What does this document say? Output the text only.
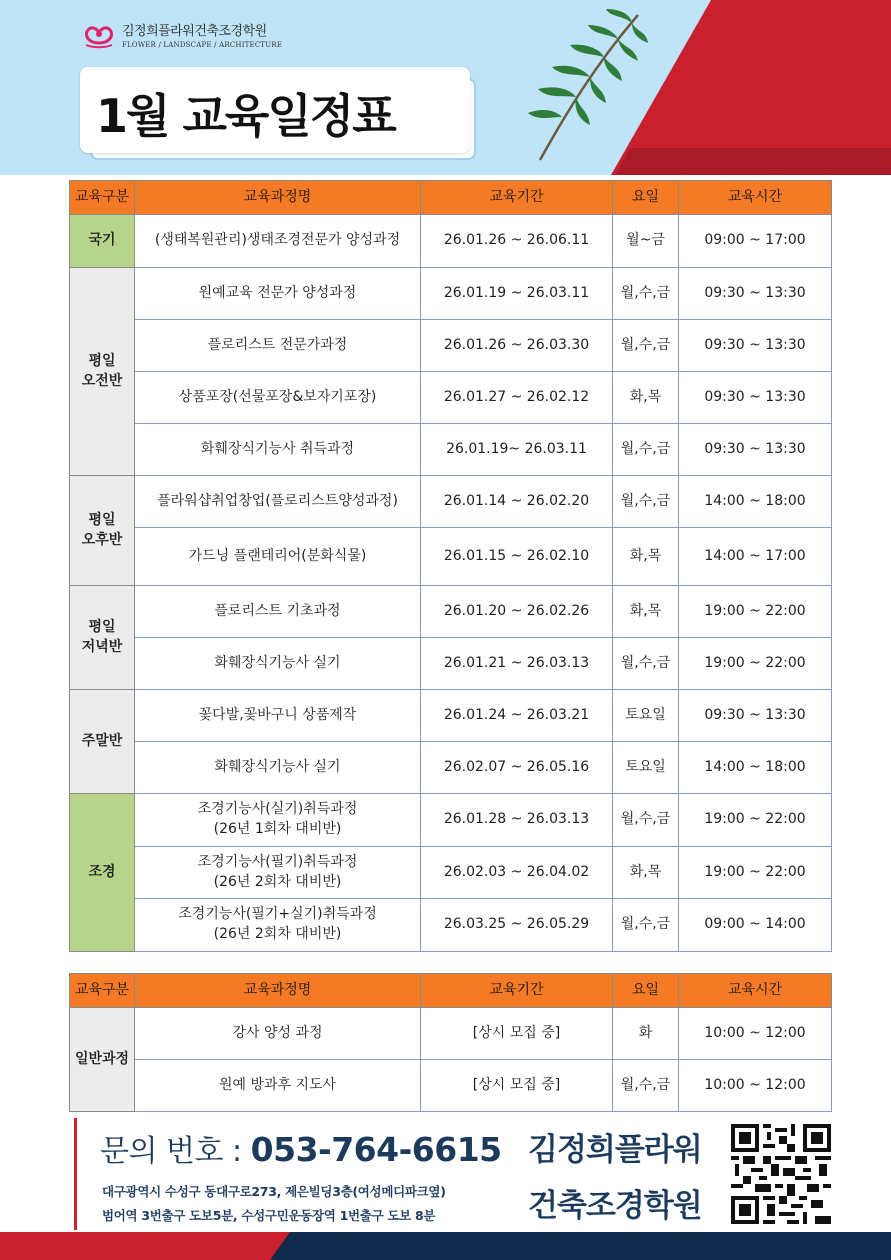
김정희플라워건축조경학원
FLOWER / LANDSCAPE / ARCHITECTURE
1월 교육일정표
교육구분	교육과정명	교육기간	요일	교육시간

국기	(생태복원관리)생태조경전문가 양성과정	26.01.26 ~ 26.06.11	월~금	09:00 ~ 17:00

평일
오전반	원예교육 전문가 양성과정	26.01.19 ~ 26.03.11	월,수,금	09:30 ~ 13:30

	플로리스트 전문가과정	26.01.26 ~ 26.03.30	월,수,금	09:30 ~ 13:30

	상품포장(선물포장&보자기포장)	26.01.27 ~ 26.02.12	화,목	09:30 ~ 13:30

	화훼장식기능사 취득과정	26.01.19~ 26.03.11	월,수,금	09:30 ~ 13:30

평일
오후반	플라워샵취업창업(플로리스트양성과정)	26.01.14 ~ 26.02.20	월,수,금	14:00 ~ 18:00

	가드닝 플랜테리어(분화식물)	26.01.15 ~ 26.02.10	화,목	14:00 ~ 17:00

평일
저녁반	플로리스트 기초과정	26.01.20 ~ 26.02.26	화,목	19:00 ~ 22:00

	화훼장식기능사 실기	26.01.21 ~ 26.03.13	월,수,금	19:00 ~ 22:00

주말반	꽃다발,꽃바구니 상품제작	26.01.24 ~ 26.03.21	토요일	09:30 ~ 13:30

	화훼장식기능사 실기	26.02.07 ~ 26.05.16	토요일	14:00 ~ 18:00

조경	조경기능사(실기)취득과정
(26년 1회차 대비반)	26.01.28 ~ 26.03.13	월,수,금	19:00 ~ 22:00

	조경기능사(필기)취득과정
(26년 2회차 대비반)	26.02.03 ~ 26.04.02	화,목	19:00 ~ 22:00

	조경기능사(필기+실기)취득과정
(26년 2회차 대비반)	26.03.25 ~ 26.05.29	월,수,금	09:00 ~ 14:00
교육구분	교육과정명	교육기간	요일	교육시간

일반과정	강사 양성 과정	[상시 모집 중]	화	10:00 ~ 12:00

	원예 방과후 지도사	[상시 모집 중]	월,수,금	10:00 ~ 12:00
문의 번호 : 053-764-6615
대구광역시 수성구 동대구로273, 제은빌딩3층(여성메디파크옆)
범어역 3번출구 도보5분, 수성구민운동장역 1번출구 도보 8분
김정희플라워
건축조경학원
